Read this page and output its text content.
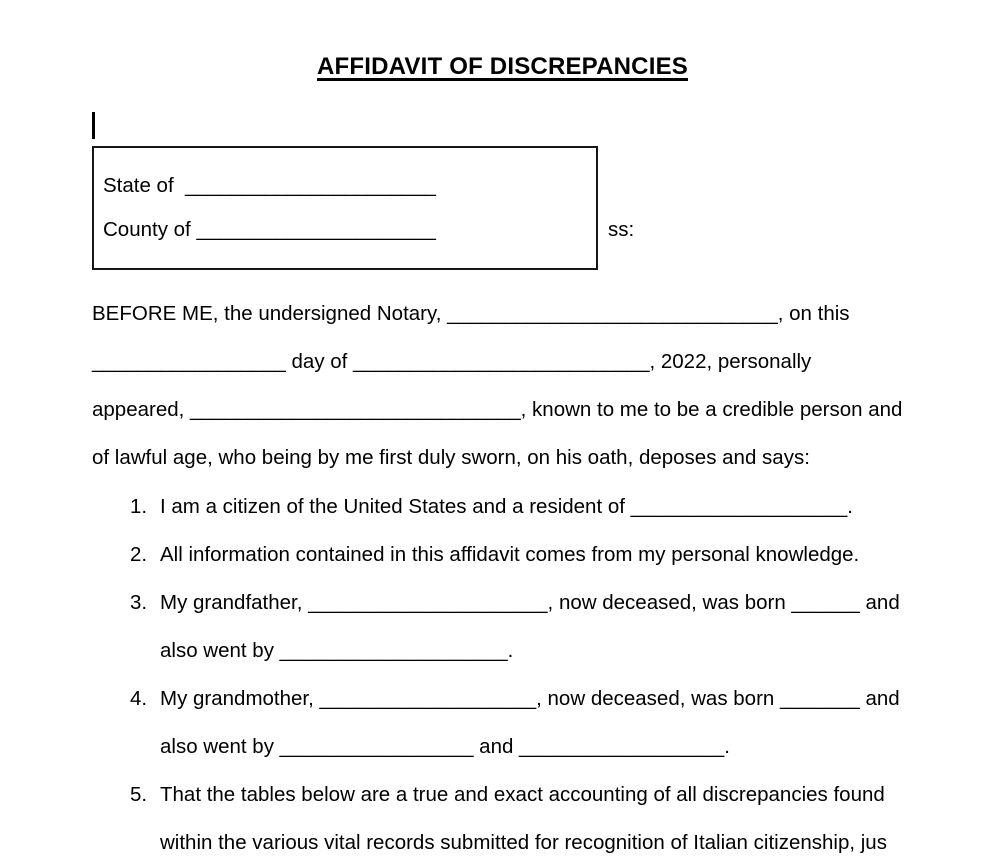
AFFIDAVIT OF DISCREPANCIES
State of  ______________________
County of _____________________	ss:
BEFORE ME, the undersigned Notary, _____________________________, on this
_________________ day of __________________________, 2022, personally
appeared, _____________________________, known to me to be a credible person and
of lawful age, who being by me first duly sworn, on his oath, deposes and says:
1. I am a citizen of the United States and a resident of ___________________.
2. All information contained in this affidavit comes from my personal knowledge.
3. My grandfather, _____________________, now deceased, was born ______ and
also went by ____________________.
4. My grandmother, ___________________, now deceased, was born _______ and
also went by _________________ and __________________.
5. That the tables below are a true and exact accounting of all discrepancies found
within the various vital records submitted for recognition of Italian citizenship, jus
